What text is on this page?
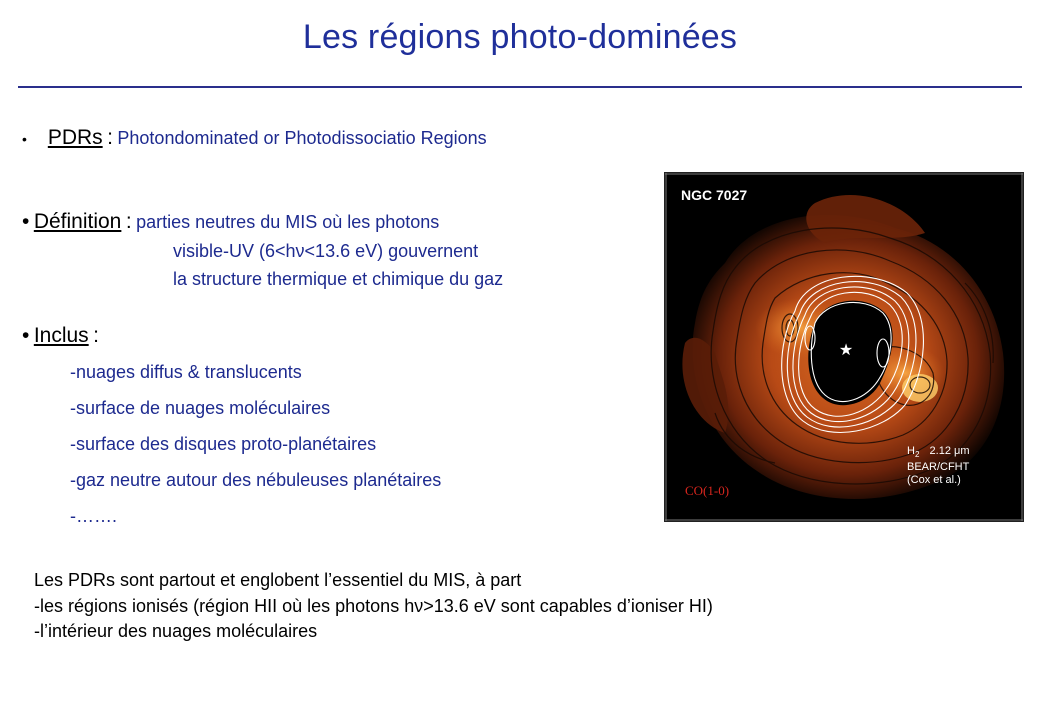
Les régions photo-dominées
• PDRs : Photondominated or Photodissociatio Regions
• Définition : parties neutres du MIS où les photons
visible-UV (6<hν<13.6 eV) gouvernent
la structure thermique et chimique du gaz
• Inclus :
-nuages diffus & translucents
-surface de nuages moléculaires
-surface des disques proto-planétaires
-gaz neutre autour des nébuleuses planétaires
-…….
Les PDRs sont partout et englobent l’essentiel du MIS, à part
-les régions ionisés (région HII où les photons hν>13.6 eV sont capables d’ioniser HI)
-l’intérieur des nuages moléculaires
★
NGC 7027
CO(1-0)
$H_2$ 2.12 μm
BEAR/CFHT
(Cox et al.)
